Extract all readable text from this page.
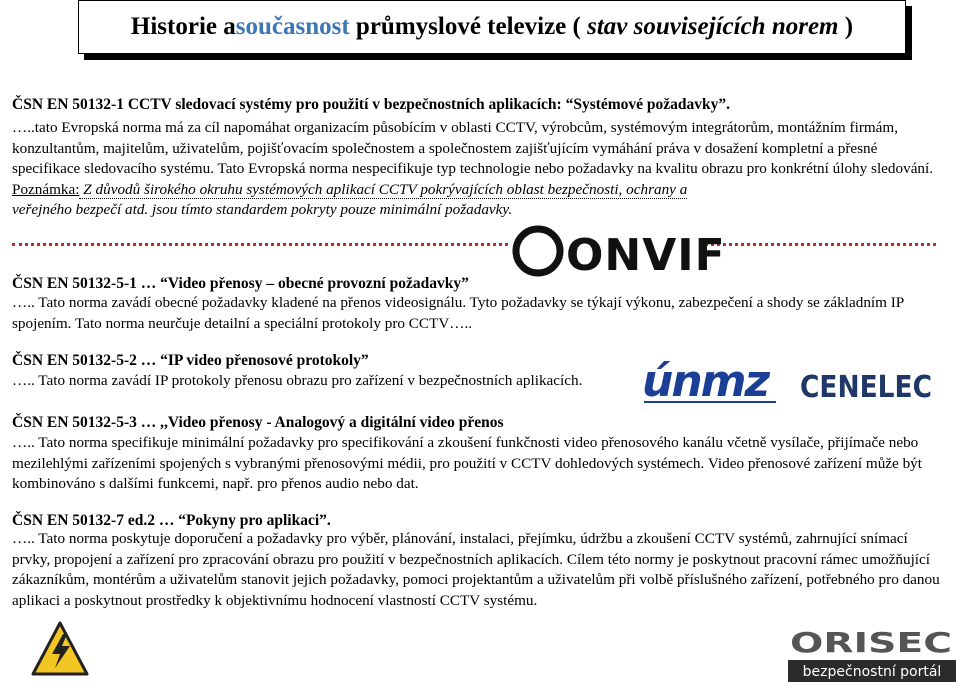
Historie a současnost průmyslové televize ( stav souvisejících norem )
ČSN EN 50132-1 CCTV sledovací systémy pro použití v bezpečnostních aplikacích: “Systémové požadavky”.
…..tato Evropská norma má za cíl napomáhat organizacím působícím v oblasti CCTV, výrobcům, systémovým integrátorům, montážním firmám, konzultantům, majitelům, uživatelům, pojišťovacím společnostem a společnostem zajišťujícím vymáhání práva v dosažení kompletní a přesné specifikace sledovacího systému. Tato Evropská norma nespecifikuje typ technologie nebo požadavky na kvalitu obrazu pro konkrétní úlohy sledování. Poznámka: Z důvodů širokého okruhu systémových aplikací CCTV pokrývajících oblast bezpečnosti, ochrany a
veřejného bezpečí atd. jsou tímto standardem pokryty pouze minimální požadavky.
ONVIF
ČSN EN 50132-5-1 … “Video přenosy – obecné provozní požadavky”
….. Tato norma zavádí obecné požadavky kladené na přenos videosignálu. Tyto požadavky se týkají výkonu, zabezpečení a shody se základním IP spojením. Tato norma neurčuje detailní a speciální protokoly pro CCTV…..
ČSN EN 50132-5-2 … “IP video přenosové protokoly”
….. Tato norma zavádí IP protokoly přenosu obrazu pro zařízení v bezpečnostních aplikacích.	únmz CENELEC
ČSN EN 50132-5-3 … ,,Video přenosy - Analogový a digitální video přenos
….. Tato norma specifikuje minimální požadavky pro specifikování a zkoušení funkčnosti video přenosového kanálu včetně vysílače, přijímače nebo mezilehlými zařízeními spojených s vybranými přenosovými médii, pro použití v CCTV dohledových systémech. Video přenosové zařízení může být kombinováno s dalšími funkcemi, např. pro přenos audio nebo dat.
ČSN EN 50132-7 ed.2 … “Pokyny pro aplikaci”.
….. Tato norma poskytuje doporučení a požadavky pro výběr, plánování, instalaci, přejímku, údržbu a zkoušení CCTV systémů, zahrnující snímací prvky, propojení a zařízení pro zpracování obrazu pro použití v bezpečnostních aplikacích. Cílem této normy je poskytnout pracovní rámec umožňující zákazníkům, montérům a uživatelům stanovit jejich požadavky, pomoci projektantům a uživatelům při volbě příslušného zařízení, potřebného pro danou aplikaci a poskytnout prostředky k objektivnímu hodnocení vlastností CCTV systému.
ORISEC
bezpečnostní portál
